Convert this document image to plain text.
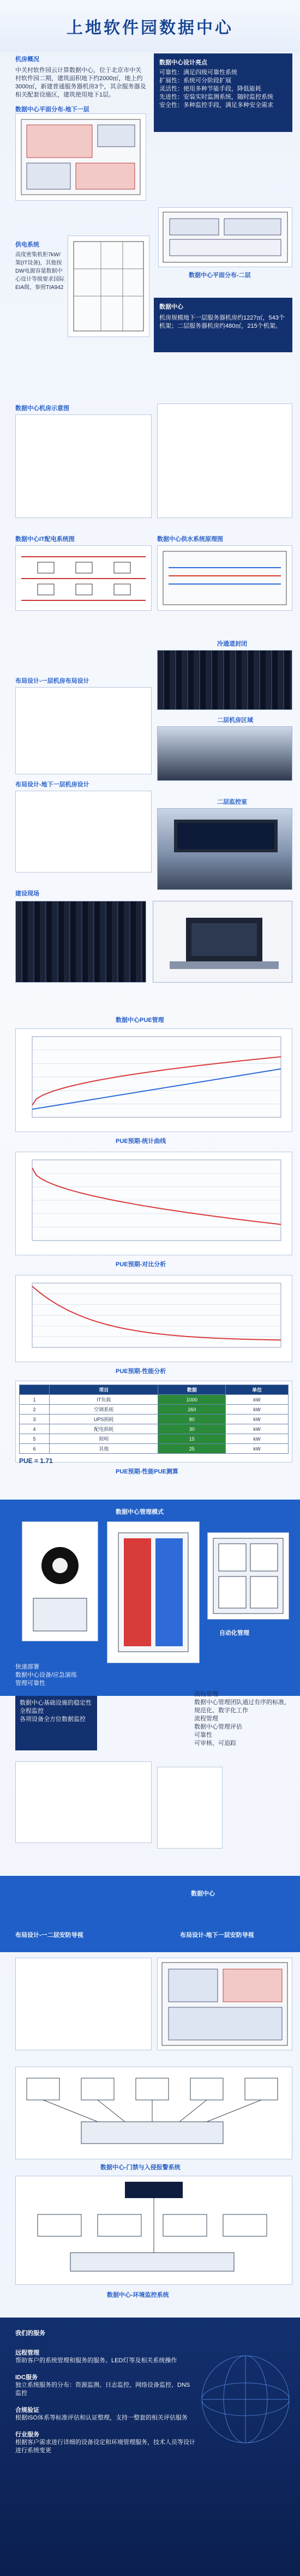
上地软件园数据中心
机房概况
中关村软件园云计算数据中心，位于北京市中关村软件园二期，建筑面积地下约2000㎡，地上约3000㎡，新建普通服务器机房3个，其余服务器及相关配套设施区，建筑使用地下1层。
数据中心设计亮点
可靠性：满足四级可靠性系统
扩展性：系统可分阶段扩展
灵活性：使用多种节能手段，降低能耗
先进性：安装实时监测系统，随时监控系统
安全性：多种监控手段，满足多种安全需求
数据中心平面分布-地下一层
供电系统
高度密集机柜7kW/架(IT设备)，其他按DW电源容量数据中心设计等级要求国际EIA级，参照TIA942
数据中心平面分布-二层
数据中心
机房规模地下一层服务器机房约1227㎡，543个机架；二层服务器机房约480㎡，215个机架。
数据中心机房示意图
数据中心IT配电系统图	数据中心供水系统原理图
布局设计-一层机房布局设计
冷通道封闭
二层机房区域
布局设计-地下一层机房设计
二层监控室
建设现场
数据中心PUE管理
PUE预期-统计曲线
PUE预期-对比分析
PUE预期-性能分析
	项目	数据	单位
1	IT负载	1000	kW
2	空调系统	260	kW
3	UPS损耗	80	kW
4	配电损耗	30	kW
5	照明	15	kW
6	其他	25	kW
PUE = 1.71
PUE预期-性能PUE测算
数据中心管理模式
自动化管理
快速部署
数据中心设备/应急演练
管理可靠性
数据中心基础设施的稳定性
全程监控
各项设备全方位数据监控
流程管理
数据中心管理团队通过有序的标准，规范化、数字化工作
流程管理
数据中心管理评估
可靠性
可审核、可追踪
数据中心
布局设计-一二层安防导视	布局设计-地下一层安防导视
数据中心-门禁与入侵报警系统
数据中心-环境监控系统
我们的服务
远程管理
帮助客户的系统管理和服务的服务。LED灯等及相关系统操作
IDC服务
独立系统服务的分布：资源监测、日志监控、网络设备监控、DNS监控
合规验证
根据ISO体系等标准评估和认证整理，支持一整套的相关评估服务
行业服务
根据客户需求进行详细的设备设定和环境管理服务，技术人员等设计进行系统变更
